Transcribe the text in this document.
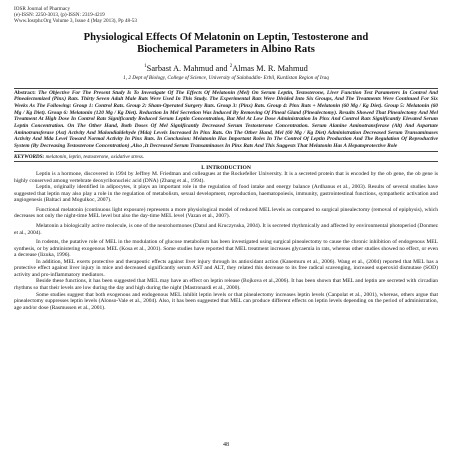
IOSR Journal of Pharmacy
(e)-ISSN: 2250-3013, (p)-ISSN: 2319-4219
Www.Iosrphr.Org Volume 3, Issue 4 (May 2013), Pp 48-53
Physiological Effects Of Melatonin on Leptin, Testosterone and
Biochemical Parameters in Albino Rats
$^1$Sarbast A. Mahmud and $^2$Almas M. R. Mahmud
1, 2 Dept of Biology, College of Science, University of Salahaddin- Erbil, Kurdistan Region of Iraq
Abstract: The Objective For The Present Study Is To Investigate Of The Effects Of Melatonin (Mel) On Serum Leptin, Testosterone, Liver Function Test Parameters In Control And Pinealectomized (Pinx) Rats. Thirty Seven Adult Male Rats Were Used In This Study. The Experimental Rats Were Divided Into Six Groups, And The Treatments Were Continued For Six Weeks As The Following: Group 1: Control Rats. Group 2: Sham-Operated Surgery Rats. Group 3: (Pinx) Rats. Group 4: Pinx Rats + Melatonin (60 Mg / Kg Diet). Group 5: Melatonin (60 Mg / Kg Diet). Group 6: Melatonin (120 Mg / Kg Diet). Reduction In Mel Secretion Was Induced By Removing Of Pineal Gland (Pinealectomy). Results Showed That Pinealectomy And Mel Treatment At High Dose In Control Rats Significantly Reduced Serum Leptin Concentration, But Mel At Low Dose Administration In Pinx And Control Rats Significantly Elevated Serum Leptin Concentration. On The Other Hand, Both Doses Of Mel Significantly Decreased Serum Testosterone Concentration. Serum Alanine Aminotransferase (Alt) And Aspartate Aminotransferase (Ast) Activity And Malondialdehyde (Mda) Levels Increased In Pinx Rats. On The Other Hand, Mel (60 Mg / Kg Diet) Administration Decreased Serum Transaminases Activity And Mda Level Toward Normal Activity In Pinx Rats. In Conclusion: Melatonin Has Important Roles In The Control Of Leptin Production And The Regulation Of Reproductive System (By Decreasing Testosterone Concentration) ,Also ,It Decreased Serum Transaminases In Pinx Rats And This Suggests That Melatonin Has A Hepatoprotective Role
KEYWORDS: melatonin, leptin, testosterone, oxidative stress.
I. INTRODUCTION

Leptin is a hormone, discovered in 1994 by Jeffrey M. Friedman and colleagues at the Rockefeller University. It is a secreted protein that is encoded by the ob gene, the ob gene is highly conserved among vertebrate deoxyribonucleic acid (DNA) (Zhang et al., 1994).

Leptin, originally identified in adipocytes, it plays an important role in the regulation of food intake and energy balance (Ardhanus et al., 2003). Results of several studies have suggested that leptin may also play a role in the regulation of metabolism, sexual development, reproduction, haematopoiesis, immunity, gastrointestinal functions, sympathetic activation and angiogenesis (Baltaci and Mogulkoc, 2007).

Functional melatonin (continuous light exposure) represents a more physiological model of reduced MEL levels as compared to surgical pinealectomy (removal of epiphysis), which decreases not only the night-time MEL level but also the day-time MEL level (Vazan et al., 2007).

Melatonin a biologically active molecule, is one of the neurohormones (Datul and Kruczynska, 2004). It is secreted rhythmically and affected by environmental photoperiod (Donmez et al., 2004).

In rodents, the putative role of MEL in the modulation of glucose metabolism has been investigated using surgical pinealectomy to cause the chronic inhibition of endogenous MEL synthesis, or by administering exogenous MEL (Kosa et al., 2001). Some studies have reported that MEL treatment increases glycaemia in rats, whereas other studies showed no effect, or even a decrease (Iizuka, 1996).

In addition, MEL exerts protective and therapeutic effects against liver injury through its antioxidant action (Kanemuru et al., 2006). Wang et al., (2004) reported that MEL has a protective effect against liver injury in mice and decreased significantly serum AST and ALT, they related this decrease to its free radical scavenging, increased superoxid dismutase (SOD) activity and pro-inflammatory mediators.

Beside these functions, it has been suggested that MEL may have an effect on leptin release (Bojkova et al.,2006). It has been shown that MEL and leptin are secreted with circadian rhythms so that their levels are low during the day and high during the night (Mastronardi et al., 2000).

Some studies suggest that both exogenous and endogenous MEL inhibit leptin levels or that pinealectomy increases leptin levels (Canpolat et al., 2001), whereas, others argue that pinealectomy suppresses leptin levels (Alonso-Vale et al., 2004). Also, it has been suggested that MEL can produce different effects on leptin levels depending on the period of administration, age and/or dose (Rasmussen et al., 2001).

48
